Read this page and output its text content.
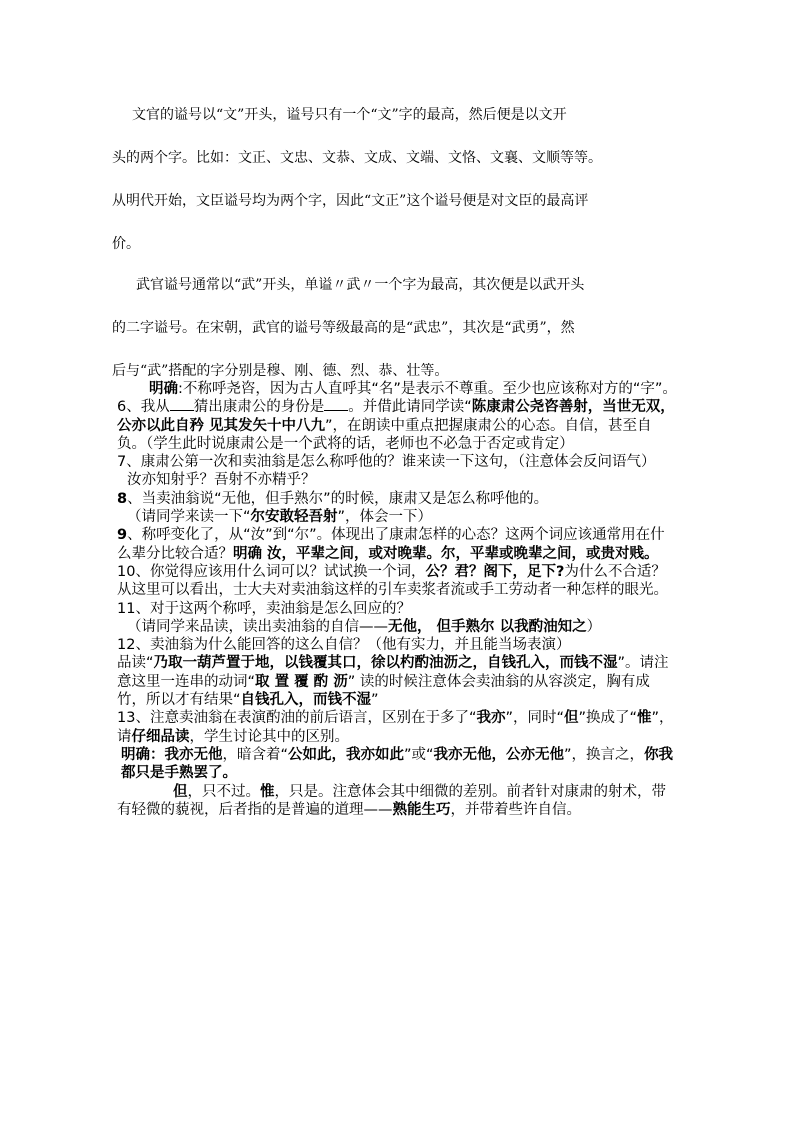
文官的谥号以“文”开头，谥号只有一个“文”字的最高，然后便是以文开
头的两个字。比如：文正、文忠、文恭、文成、文端、文恪、文襄、文顺等等。
从明代开始，文臣谥号均为两个字，因此“文正”这个谥号便是对文臣的最高评
价。
武官谥号通常以“武”开头，单谥〃武〃一个字为最高，其次便是以武开头
的二字谥号。在宋朝，武官的谥号等级最高的是“武忠”，其次是“武勇”，然
后与“武”搭配的字分别是穆、刚、德、烈、恭、壮等。

明确:不称呼尧咨，因为古人直呼其“名”是表示不尊重。至少也应该称对方的“字”。

6、我从 猜出康肃公的身份是 。并借此请同学读“陈康肃公尧咨善射，当世无双，公亦以此自矜 见其发矢十中八九”，在朗读中重点把握康肃公的心态。自信，甚至自负。（学生此时说康肃公是一个武将的话，老师也不必急于否定或肯定）

7、康肃公第一次和卖油翁是怎么称呼他的？谁来读一下这句，（注意体会反问语气）

汝亦知射乎？吾射不亦精乎？

8、当卖油翁说“无他，但手熟尔”的时候，康肃又是怎么称呼他的。

（请同学来读一下“尔安敢轻吾射”，体会一下）

9、称呼变化了，从“汝”到“尔”。体现出了康肃怎样的心态？这两个词应该通常用在什么辈分比较合适？明确 汝，平辈之间，或对晚辈。尔，平辈或晚辈之间，或贵对贱。

10、你觉得应该用什么词可以？试试换一个词，公？君？阁下，足下?为什么不合适？从这里可以看出，士大夫对卖油翁这样的引车卖浆者流或手工劳动者一种怎样的眼光。

11、对于这两个称呼，卖油翁是怎么回应的？

（请同学来品读，读出卖油翁的自信——无他， 但手熟尔 以我酌油知之）

12、卖油翁为什么能回答的这么自信？（他有实力，并且能当场表演）

品读“乃取一葫芦置于地，以钱覆其口，徐以杓酌油沥之，自钱孔入，而钱不湿”。请注意这里一连串的动词“取 置 覆 酌 沥” 读的时候注意体会卖油翁的从容淡定，胸有成竹，所以才有结果“自钱孔入，而钱不湿”

13、注意卖油翁在表演酌油的前后语言，区别在于多了“我亦”，同时“但”换成了“惟”，请仔细品读，学生讨论其中的区别。

明确：我亦无他，暗含着“公如此，我亦如此”或“我亦无他，公亦无他”，换言之，你我都只是手熟罢了。

但，只不过。惟，只是。注意体会其中细微的差别。前者针对康肃的射术，带有轻微的藐视，后者指的是普遍的道理——熟能生巧，并带着些许自信。
